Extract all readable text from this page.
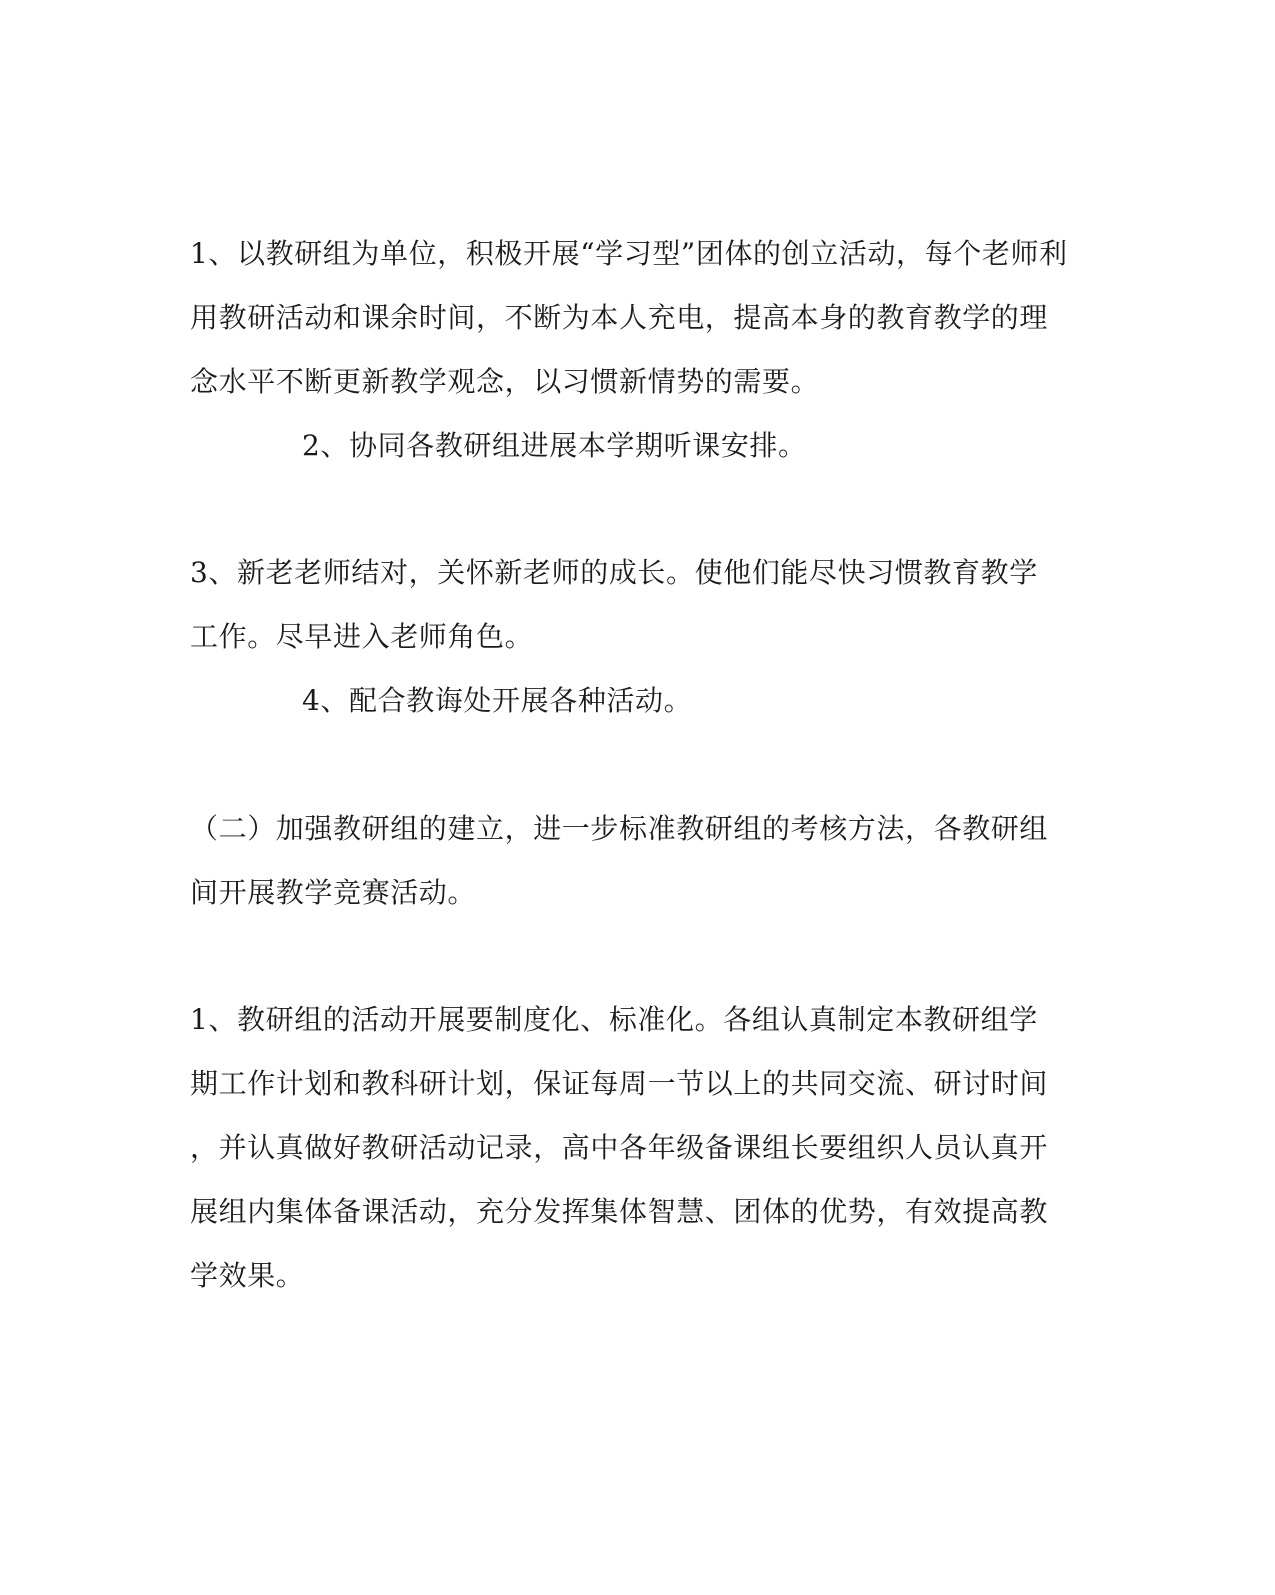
1、以教研组为单位，积极开展“学习型”团体的创立活动，每个老师利

用教研活动和课余时间，不断为本人充电，提高本身的教育教学的理

念水平不断更新教学观念，以习惯新情势的需要。

2、协同各教研组进展本学期听课安排。

3、新老老师结对，关怀新老师的成长。使他们能尽快习惯教育教学

工作。尽早进入老师角色。

4、配合教诲处开展各种活动。

（二）加强教研组的建立，进一步标准教研组的考核方法，各教研组

间开展教学竞赛活动。

1、教研组的活动开展要制度化、标准化。各组认真制定本教研组学

期工作计划和教科研计划，保证每周一节以上的共同交流、研讨时间

，并认真做好教研活动记录，高中各年级备课组长要组织人员认真开

展组内集体备课活动，充分发挥集体智慧、团体的优势，有效提高教

学效果。
